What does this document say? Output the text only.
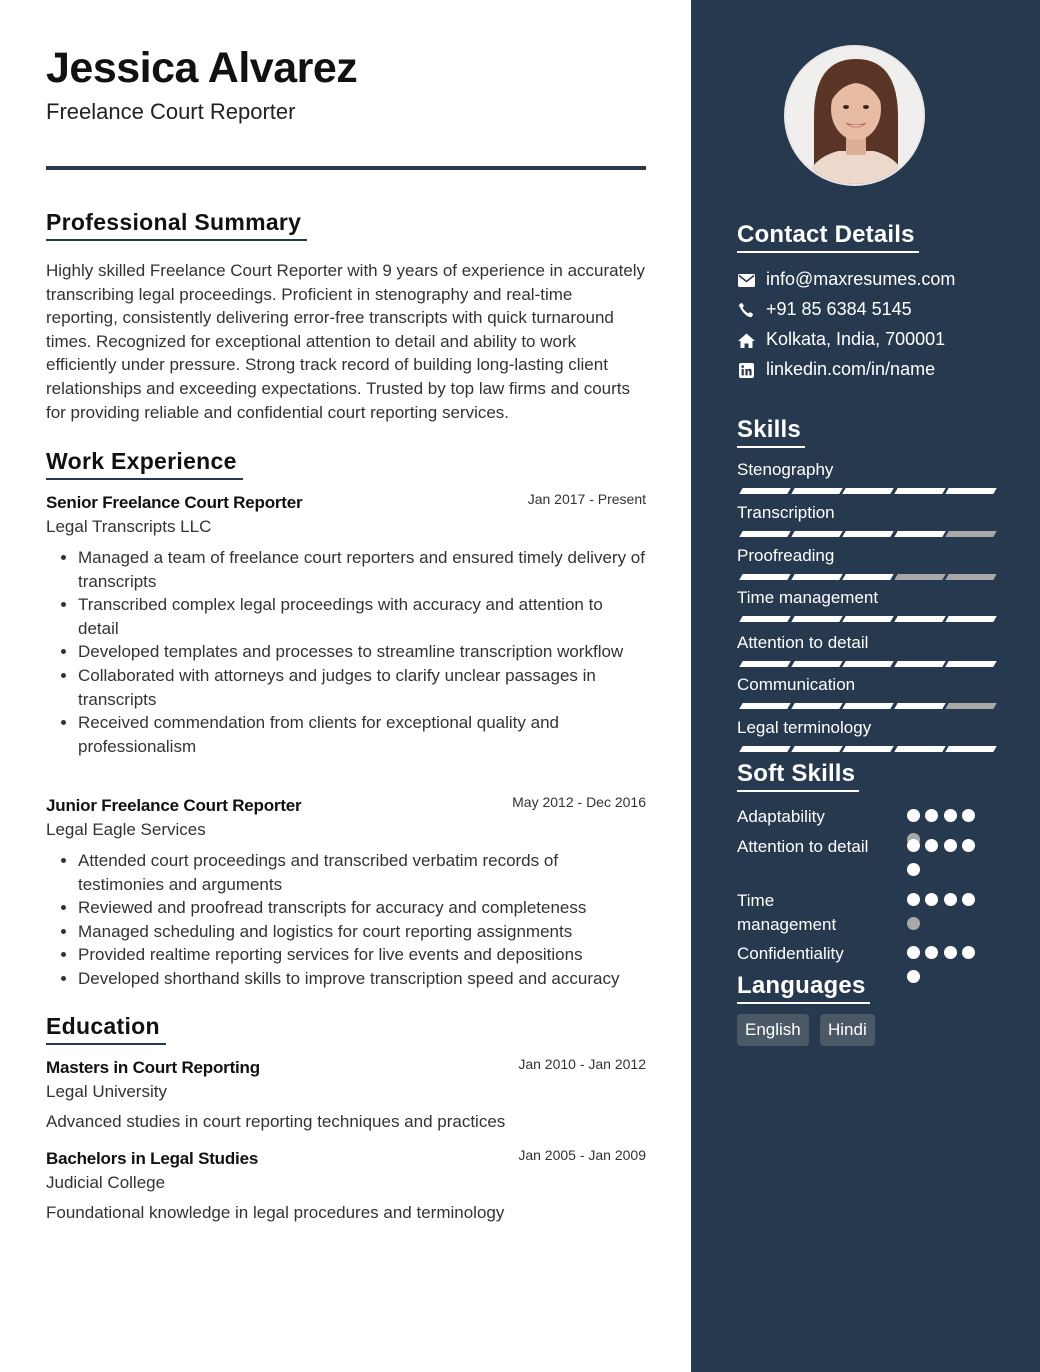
Jessica Alvarez
Freelance Court Reporter
Professional Summary

Highly skilled Freelance Court Reporter with 9 years of experience in accurately transcribing legal proceedings. Proficient in stenography and real-time reporting, consistently delivering error-free transcripts with quick turnaround times. Recognized for exceptional attention to detail and ability to work efficiently under pressure. Strong track record of building long-lasting client relationships and exceeding expectations. Trusted by top law firms and courts for providing reliable and confidential court reporting services.

Work Experience
Senior Freelance Court Reporter	Jan 2017 - Present
Legal Transcripts LLC
• Managed a team of freelance court reporters and ensured timely delivery of transcripts
• Transcribed complex legal proceedings with accuracy and attention to detail
• Developed templates and processes to streamline transcription workflow
• Collaborated with attorneys and judges to clarify unclear passages in transcripts
• Received commendation from clients for exceptional quality and professionalism
Junior Freelance Court Reporter	May 2012 - Dec 2016
Legal Eagle Services
• Attended court proceedings and transcribed verbatim records of testimonies and arguments
• Reviewed and proofread transcripts for accuracy and completeness
• Managed scheduling and logistics for court reporting assignments
• Provided realtime reporting services for live events and depositions
• Developed shorthand skills to improve transcription speed and accuracy
Education
Masters in Court Reporting	Jan 2010 - Jan 2012
Legal University
Advanced studies in court reporting techniques and practices
Bachelors in Legal Studies	Jan 2005 - Jan 2009
Judicial College
Foundational knowledge in legal procedures and terminology
Contact Details
info@maxresumes.com
+91 85 6384 5145
Kolkata, India, 700001
linkedin.com/in/name
Skills
Stenography
Transcription
Proofreading
Time management
Attention to detail
Communication
Legal terminology
Soft Skills
Adaptability
Attention to detail
Time management
Confidentiality
Languages
English	Hindi
